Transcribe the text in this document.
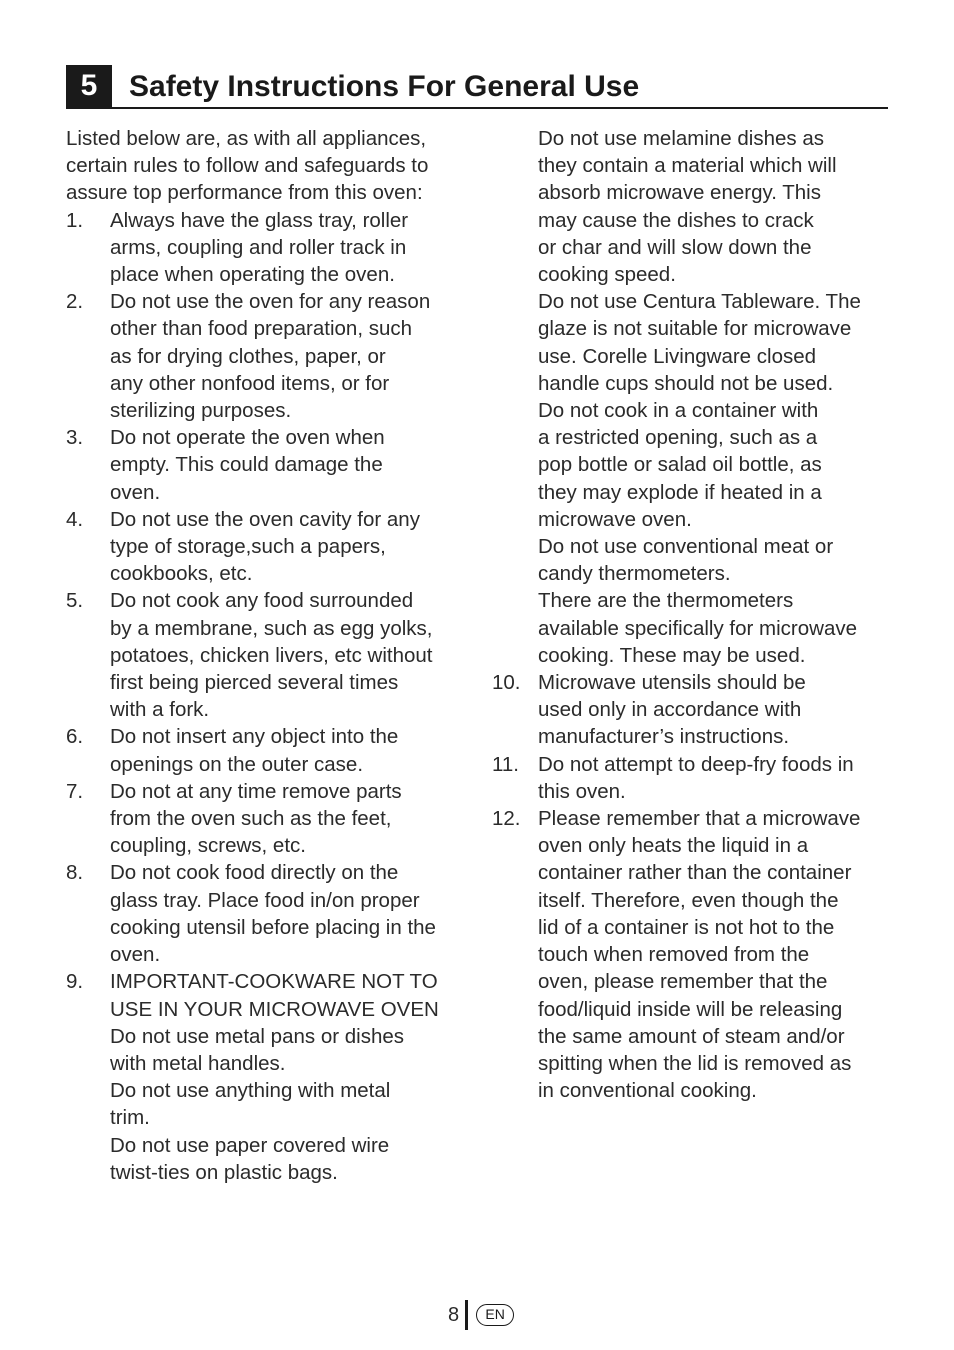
5	Safety Instructions For General Use
Listed below are, as with all appliances,
certain rules to follow and safeguards to
assure top performance from this oven:
1.	Always have the glass tray, roller

arms, coupling and roller track in

place when operating the oven.

2.	Do not use the oven for any reason

other than food preparation, such

as for drying clothes, paper, or

any other nonfood items, or for

sterilizing purposes.

3.	Do not operate the oven when

empty. This could damage the

oven.

4.	Do not use the oven cavity for any

type of storage,such a papers,

cookbooks, etc.

5.	Do not cook any food surrounded

by a membrane, such as egg yolks,

potatoes, chicken livers, etc without

first being pierced several times

with a fork.

6.	Do not insert any object into the

openings on the outer case.

7.	Do not at any time remove parts

from the oven such as the feet,

coupling, screws, etc.

8.	Do not cook food directly on the

glass tray. Place food in/on proper

cooking utensil before placing in the

oven.

9.	IMPORTANT-COOKWARE NOT TO

USE IN YOUR MICROWAVE OVEN

Do not use metal pans or dishes

with metal handles.

Do not use anything with metal

trim.

Do not use paper covered wire

twist-ties on plastic bags.

Do not use melamine dishes as

they contain a material which will

absorb microwave energy. This

may cause the dishes to crack

or char and will slow down the

cooking speed.

Do not use Centura Tableware. The

glaze is not suitable for microwave

use. Corelle Livingware closed

handle cups should not be used.

Do not cook in a container with

a restricted opening, such as a

pop bottle or salad oil bottle, as

they may explode if heated in a

microwave oven.

Do not use conventional meat or

candy thermometers.

There are the thermometers

available specifically for microwave

cooking. These may be used.

10. Microwave utensils should be

used only in accordance with

manufacturer’s instructions.

11. Do not attempt to deep-fry foods in

this oven.

12. Please remember that a microwave

oven only heats the liquid in a

container rather than the container

itself. Therefore, even though the

lid of a container is not hot to the

touch when removed from the

oven, please remember that the

food/liquid inside will be releasing

the same amount of steam and/or

spitting when the lid is removed as

in conventional cooking.

8	EN
